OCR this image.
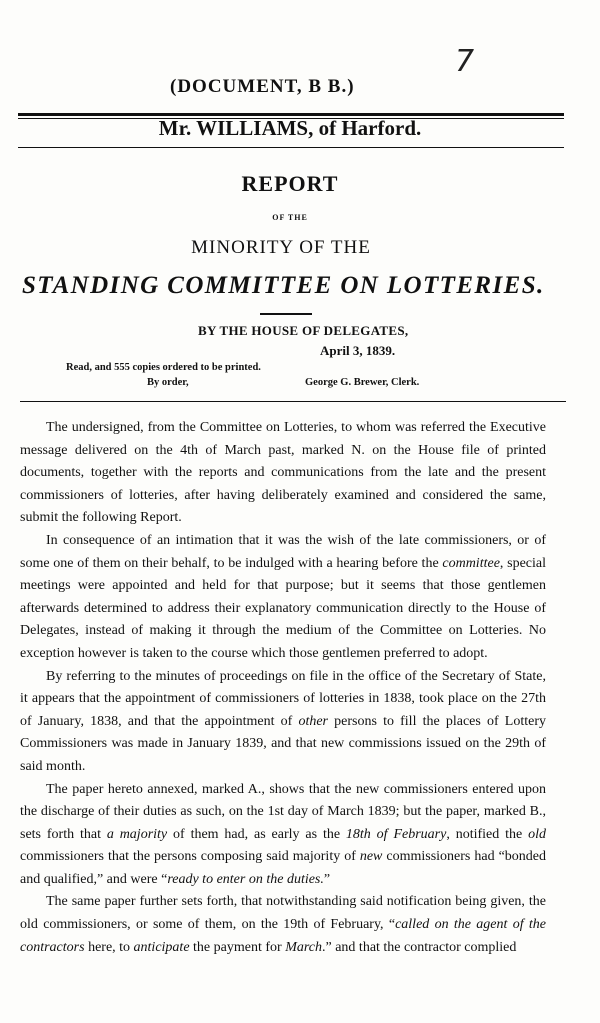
7
(DOCUMENT, B B.)
Mr. WILLIAMS, of Harford.
REPORT
OF THE
MINORITY OF THE
STANDING COMMITTEE ON LOTTERIES.
BY THE HOUSE OF DELEGATES,
April 3, 1839.
Read, and 555 copies ordered to be printed.
By order,	George G. Brewer, Clerk.

The undersigned, from the Committee on Lotteries, to whom was referred the Executive message delivered on the 4th of March past, marked N. on the House file of printed documents, together with the reports and communications from the late and the present commissioners of lotteries, after having deliberately examined and considered the same, submit the following Report.

In consequence of an intimation that it was the wish of the late commissioners, or of some one of them on their behalf, to be indulged with a hearing before the committee, special meetings were appointed and held for that purpose; but it seems that those gentlemen afterwards determined to address their explanatory communication directly to the House of Delegates, instead of making it through the medium of the Committee on Lotteries. No exception however is taken to the course which those gentlemen preferred to adopt.

By referring to the minutes of proceedings on file in the office of the Secretary of State, it appears that the appointment of commissioners of lotteries in 1838, took place on the 27th of January, 1838, and that the appointment of other persons to fill the places of Lottery Commissioners was made in January 1839, and that new commissions issued on the 29th of said month.

The paper hereto annexed, marked A., shows that the new commissioners entered upon the discharge of their duties as such, on the 1st day of March 1839; but the paper, marked B., sets forth that a majority of them had, as early as the 18th of February, notified the old commissioners that the persons composing said majority of new commissioners had “bonded and qualified,” and were “ready to enter on the duties.”

The same paper further sets forth, that notwithstanding said notification being given, the old commissioners, or some of them, on the 19th of February, “called on the agent of the contractors here, to anticipate the payment for March.” and that the contractor complied
